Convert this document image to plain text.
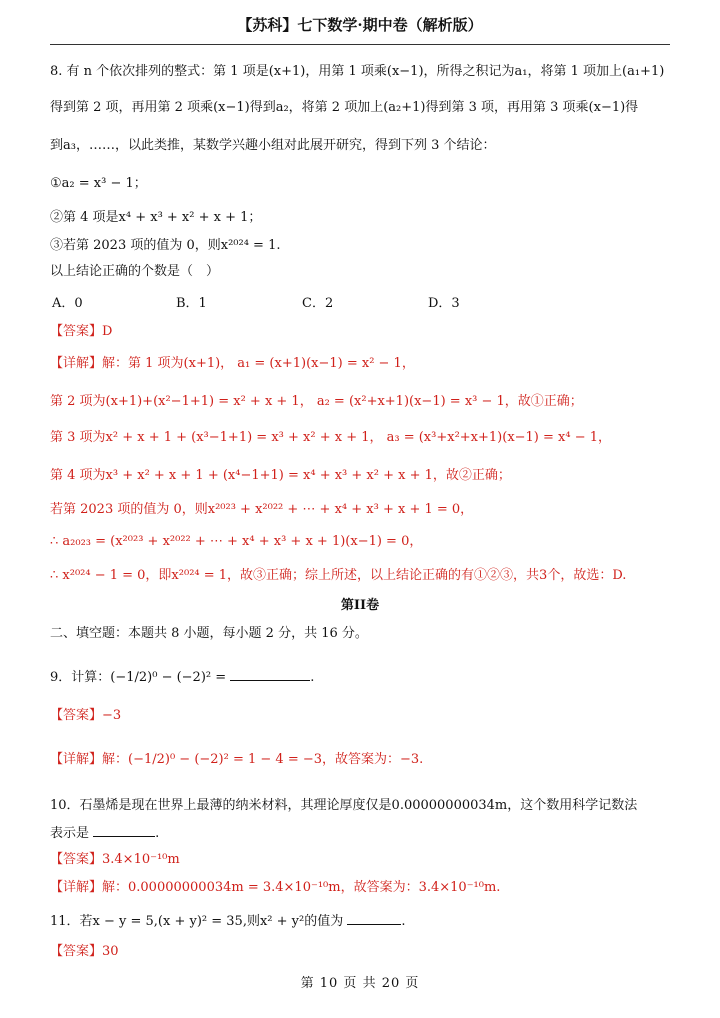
【苏科】七下数学·期中卷（解析版）
8. 有 n 个依次排列的整式：第 1 项是(x+1)，用第 1 项乘(x−1)，所得之积记为a₁，将第 1 项加上(a₁+1)
得到第 2 项，再用第 2 项乘(x−1)得到a₂，将第 2 项加上(a₂+1)得到第 3 项，再用第 3 项乘(x−1)得
到a₃，……，以此类推，某数学兴趣小组对此展开研究，得到下列 3 个结论：
①a₂ = x³ − 1；
②第 4 项是x⁴ + x³ + x² + x + 1；
③若第 2023 项的值为 0，则x²⁰²⁴ = 1.
以上结论正确的个数是（　）
A．0	B．1	C．2	D．3
【答案】D
【详解】解：第 1 项为(x+1)， a₁ = (x+1)(x−1) = x² − 1，
第 2 项为(x+1)+(x²−1+1) = x² + x + 1， a₂ = (x²+x+1)(x−1) = x³ − 1，故①正确；
第 3 项为x² + x + 1 + (x³−1+1) = x³ + x² + x + 1， a₃ = (x³+x²+x+1)(x−1) = x⁴ − 1，
第 4 项为x³ + x² + x + 1 + (x⁴−1+1) = x⁴ + x³ + x² + x + 1，故②正确；
若第 2023 项的值为 0，则x²⁰²³ + x²⁰²² + ⋯ + x⁴ + x³ + x + 1 = 0，
∴ a₂₀₂₃ = (x²⁰²³ + x²⁰²² + ⋯ + x⁴ + x³ + x + 1)(x−1) = 0，
∴ x²⁰²⁴ − 1 = 0，即x²⁰²⁴ = 1，故③正确；综上所述，以上结论正确的有①②③，共3个，故选：D.
第II卷
二、填空题：本题共 8 小题，每小题 2 分，共 16 分。
9．计算：(−1/2)⁰ − (−2)² =	.
【答案】−3
【详解】解：(−1/2)⁰ − (−2)² = 1 − 4 = −3，故答案为：−3.
10．石墨烯是现在世界上最薄的纳米材料，其理论厚度仅是0.00000000034m，这个数用科学记数法
表示是	.
【答案】3.4×10⁻¹⁰m
【详解】解：0.00000000034m = 3.4×10⁻¹⁰m，故答案为：3.4×10⁻¹⁰m.
11．若x − y = 5,(x + y)² = 35,则x² + y²的值为	.
【答案】30
第 10 页 共 20 页
